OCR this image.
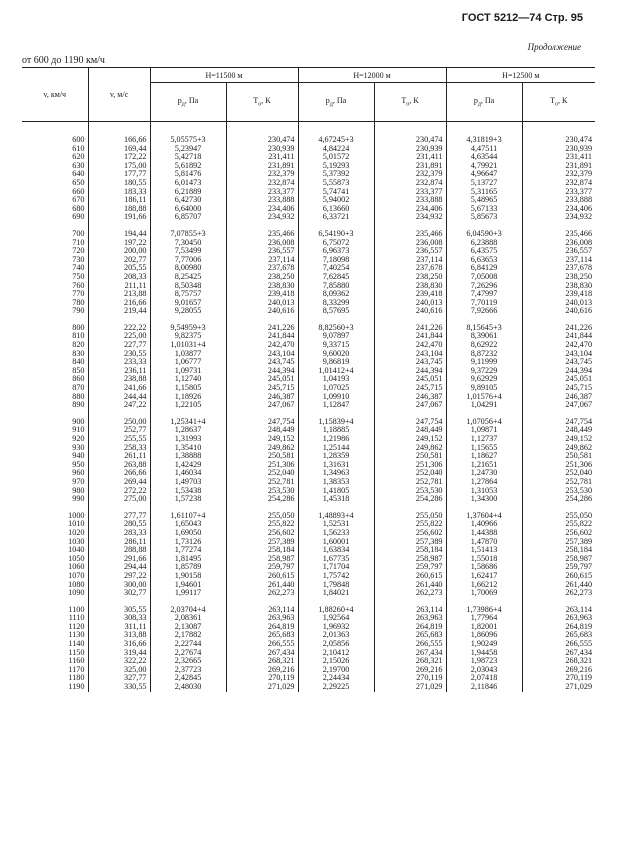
ГОСТ 5212—74 Стр. 95
Продолжение
от 600 до 1190 км/ч
v, км/ч	v, м/с	H=11500 м		H=12000 м		H=12500 м	
		$p_д$, Па	$T_о$, К	$p_д$, Па	$T_о$, К	$p_д$, Па	$T_о$, К
600	166,66	5,05575+3	230,474	4,67245+3	230,474	4,31819+3	230,474
610	169,44	5,23947	230,939	4,84224	230,939	4,47511	230,939
620	172,22	5,42718	231,411	5,01572	231,411	4,63544	231,411
630	175,00	5,61892	231,891	5,19293	231,891	4,79921	231,891
640	177,77	5,81476	232,379	5,37392	232,379	4,96647	232,379
650	180,55	6,01473	232,874	5,55873	232,874	5,13727	232,874
660	183,33	6,21889	233,377	5,74741	233,377	5,31165	233,377
670	186,11	6,42730	233,888	5,94002	233,888	5,48965	233,888
680	188,88	6,64000	234,406	6,13660	234,406	5,67133	234,406
690	191,66	6,85707	234,932	6,33721	234,932	5,85673	234,932

700	194,44	7,07855+3	235,466	6,54190+3	235,466	6,04590+3	235,466
710	197,22	7,30450	236,008	6,75072	236,008	6,23888	236,008
720	200,00	7,53499	236,557	6,96373	236,557	6,43575	236,557
730	202,77	7,77006	237,114	7,18098	237,114	6,63653	237,114
740	205,55	8,00980	237,678	7,40254	237,678	6,84129	237,678
750	208,33	8,25425	238,250	7,62845	238,250	7,05008	238,250
760	211,11	8,50348	238,830	7,85880	238,830	7,26296	238,830
770	213,88	8,75757	239,418	8,09362	239,418	7,47997	239,418
780	216,66	9,01657	240,013	8,33299	240,013	7,70119	240,013
790	219,44	9,28055	240,616	8,57695	240,616	7,92666	240,616

800	222,22	9,54959+3	241,226	8,82560+3	241,226	8,15645+3	241,226
810	225,00	9,82375	241,844	9,07897	241,844	8,39061	241,844
820	227,77	1,01031+4	242,470	9,33715	242,470	8,62922	242,470
830	230,55	1,03877	243,104	9,60020	243,104	8,87232	243,104
840	233,33	1,06777	243,745	9,86819	243,745	9,11999	243,745
850	236,11	1,09731	244,394	1,01412+4	244,394	9,37229	244,394
860	238,88	1,12740	245,051	1,04193	245,051	9,62929	245,051
870	241,66	1,15805	245,715	1,07025	245,715	9,89105	245,715
880	244,44	1,18926	246,387	1,09910	246,387	1,01576+4	246,387
890	247,22	1,22105	247,067	1,12847	247,067	1,04291	247,067

900	250,00	1,25341+4	247,754	1,15839+4	247,754	1,07056+4	247,754
910	252,77	1,28637	248,449	1,18885	248,449	1,09871	248,449
920	255,55	1,31993	249,152	1,21986	249,152	1,12737	249,152
930	258,33	1,35410	249,862	1,25144	249,862	1,15655	249,862
940	261,11	1,38888	250,581	1,28359	250,581	1,18627	250,581
950	263,88	1,42429	251,306	1,31631	251,306	1,21651	251,306
960	266,66	1,46034	252,040	1,34963	252,040	1,24730	252,040
970	269,44	1,49703	252,781	1,38353	252,781	1,27864	252,781
980	272,22	1,53438	253,530	1,41805	253,530	1,31053	253,530
990	275,00	1,57238	254,286	1,45318	254,286	1,34300	254,286

1000	277,77	1,61107+4	255,050	1,48893+4	255,050	1,37604+4	255,050
1010	280,55	1,65043	255,822	1,52531	255,822	1,40966	255,822
1020	283,33	1,69050	256,602	1,56233	256,602	1,44388	256,602
1030	286,11	1,73126	257,389	1,60001	257,389	1,47870	257,389
1040	288,88	1,77274	258,184	1,63834	258,184	1,51413	258,184
1050	291,66	1,81495	258,987	1,67735	258,987	1,55018	258,987
1060	294,44	1,85789	259,797	1,71704	259,797	1,58686	259,797
1070	297,22	1,90158	260,615	1,75742	260,615	1,62417	260,615
1080	300,00	1,94601	261,440	1,79848	261,440	1,66212	261,440
1090	302,77	1,99117	262,273	1,84021	262,273	1,70069	262,273

1100	305,55	2,03704+4	263,114	1,88260+4	263,114	1,73986+4	263,114
1110	308,33	2,08361	263,963	1,92564	263,963	1,77964	263,963
1120	311,11	2,13087	264,819	1,96932	264,819	1,82001	264,819
1130	313,88	2,17882	265,683	2,01363	265,683	1,86096	265,683
1140	316,66	2,22744	266,555	2,05856	266,555	1,90249	266,555
1150	319,44	2,27674	267,434	2,10412	267,434	1,94458	267,434
1160	322,22	2,32665	268,321	2,15026	268,321	1,98723	268,321
1170	325,00	2,37723	269,216	2,19700	269,216	2,03043	269,216
1180	327,77	2,42845	270,119	2,24434	270,119	2,07418	270,119
1190	330,55	2,48030	271,029	2,29225	271,029	2,11846	271,029
